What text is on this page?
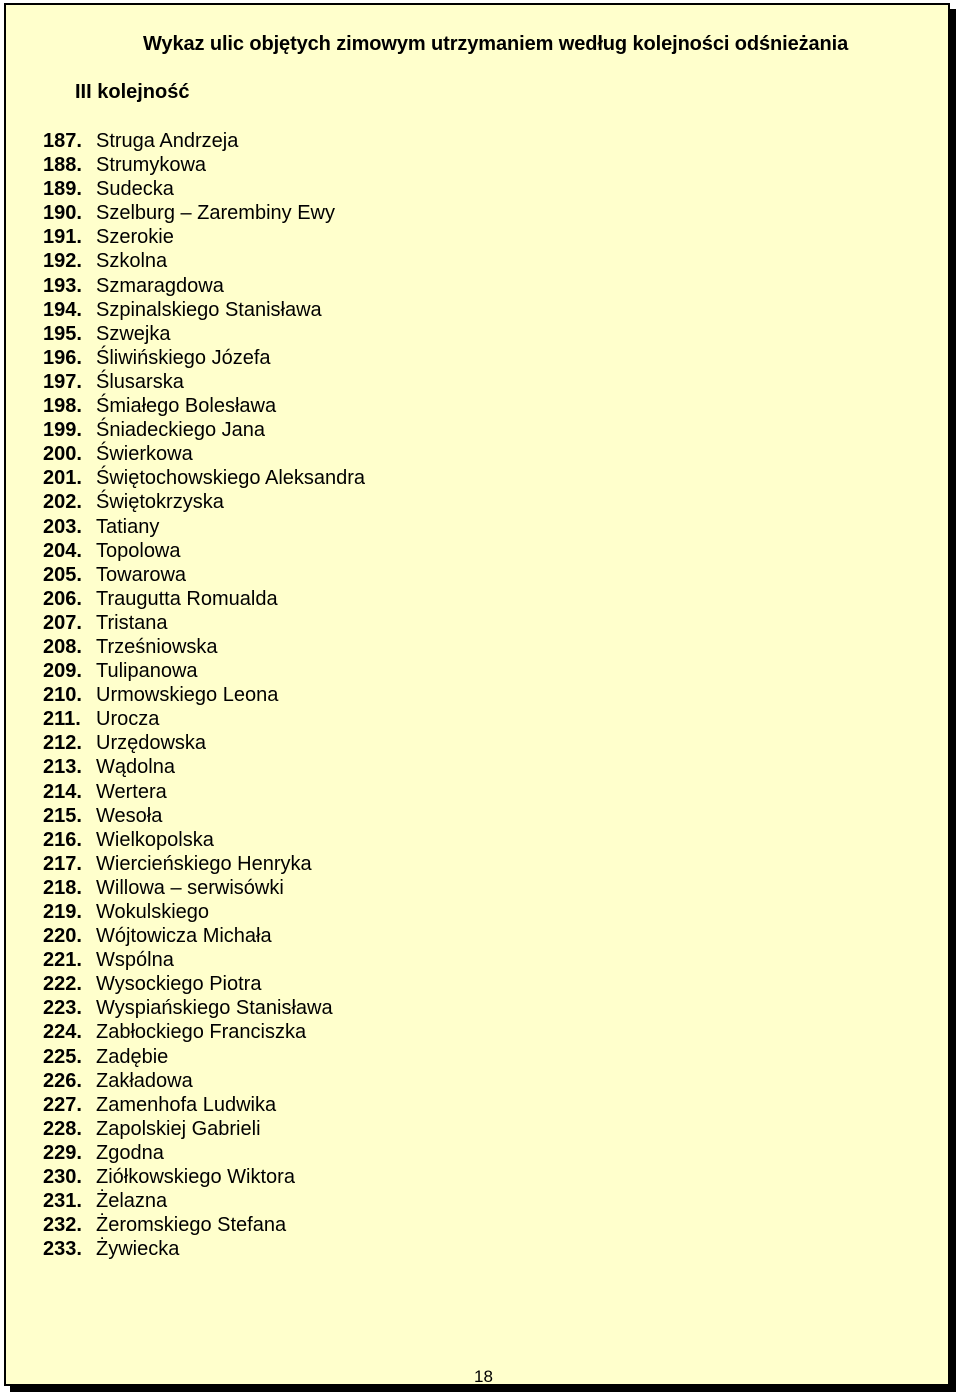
Wykaz ulic objętych zimowym utrzymaniem według kolejności odśnieżania
III kolejność
187. Struga Andrzeja
188. Strumykowa
189. Sudecka
190. Szelburg – Zarembiny Ewy
191. Szerokie
192. Szkolna
193. Szmaragdowa
194. Szpinalskiego Stanisława
195. Szwejka
196. Śliwińskiego Józefa
197. Ślusarska
198. Śmiałego Bolesława
199. Śniadeckiego Jana
200. Świerkowa
201. Świętochowskiego Aleksandra
202. Świętokrzyska
203. Tatiany
204. Topolowa
205. Towarowa
206. Traugutta Romualda
207. Tristana
208. Trześniowska
209. Tulipanowa
210. Urmowskiego Leona
211. Urocza
212. Urzędowska
213. Wądolna
214. Wertera
215. Wesoła
216. Wielkopolska
217. Wiercieńskiego Henryka
218. Willowa – serwisówki
219. Wokulskiego
220. Wójtowicza Michała
221. Wspólna
222. Wysockiego Piotra
223. Wyspiańskiego Stanisława
224. Zabłockiego Franciszka
225. Zadębie
226. Zakładowa
227. Zamenhofa Ludwika
228. Zapolskiej Gabrieli
229. Zgodna
230. Ziółkowskiego Wiktora
231. Żelazna
232. Żeromskiego Stefana
233. Żywiecka
18
